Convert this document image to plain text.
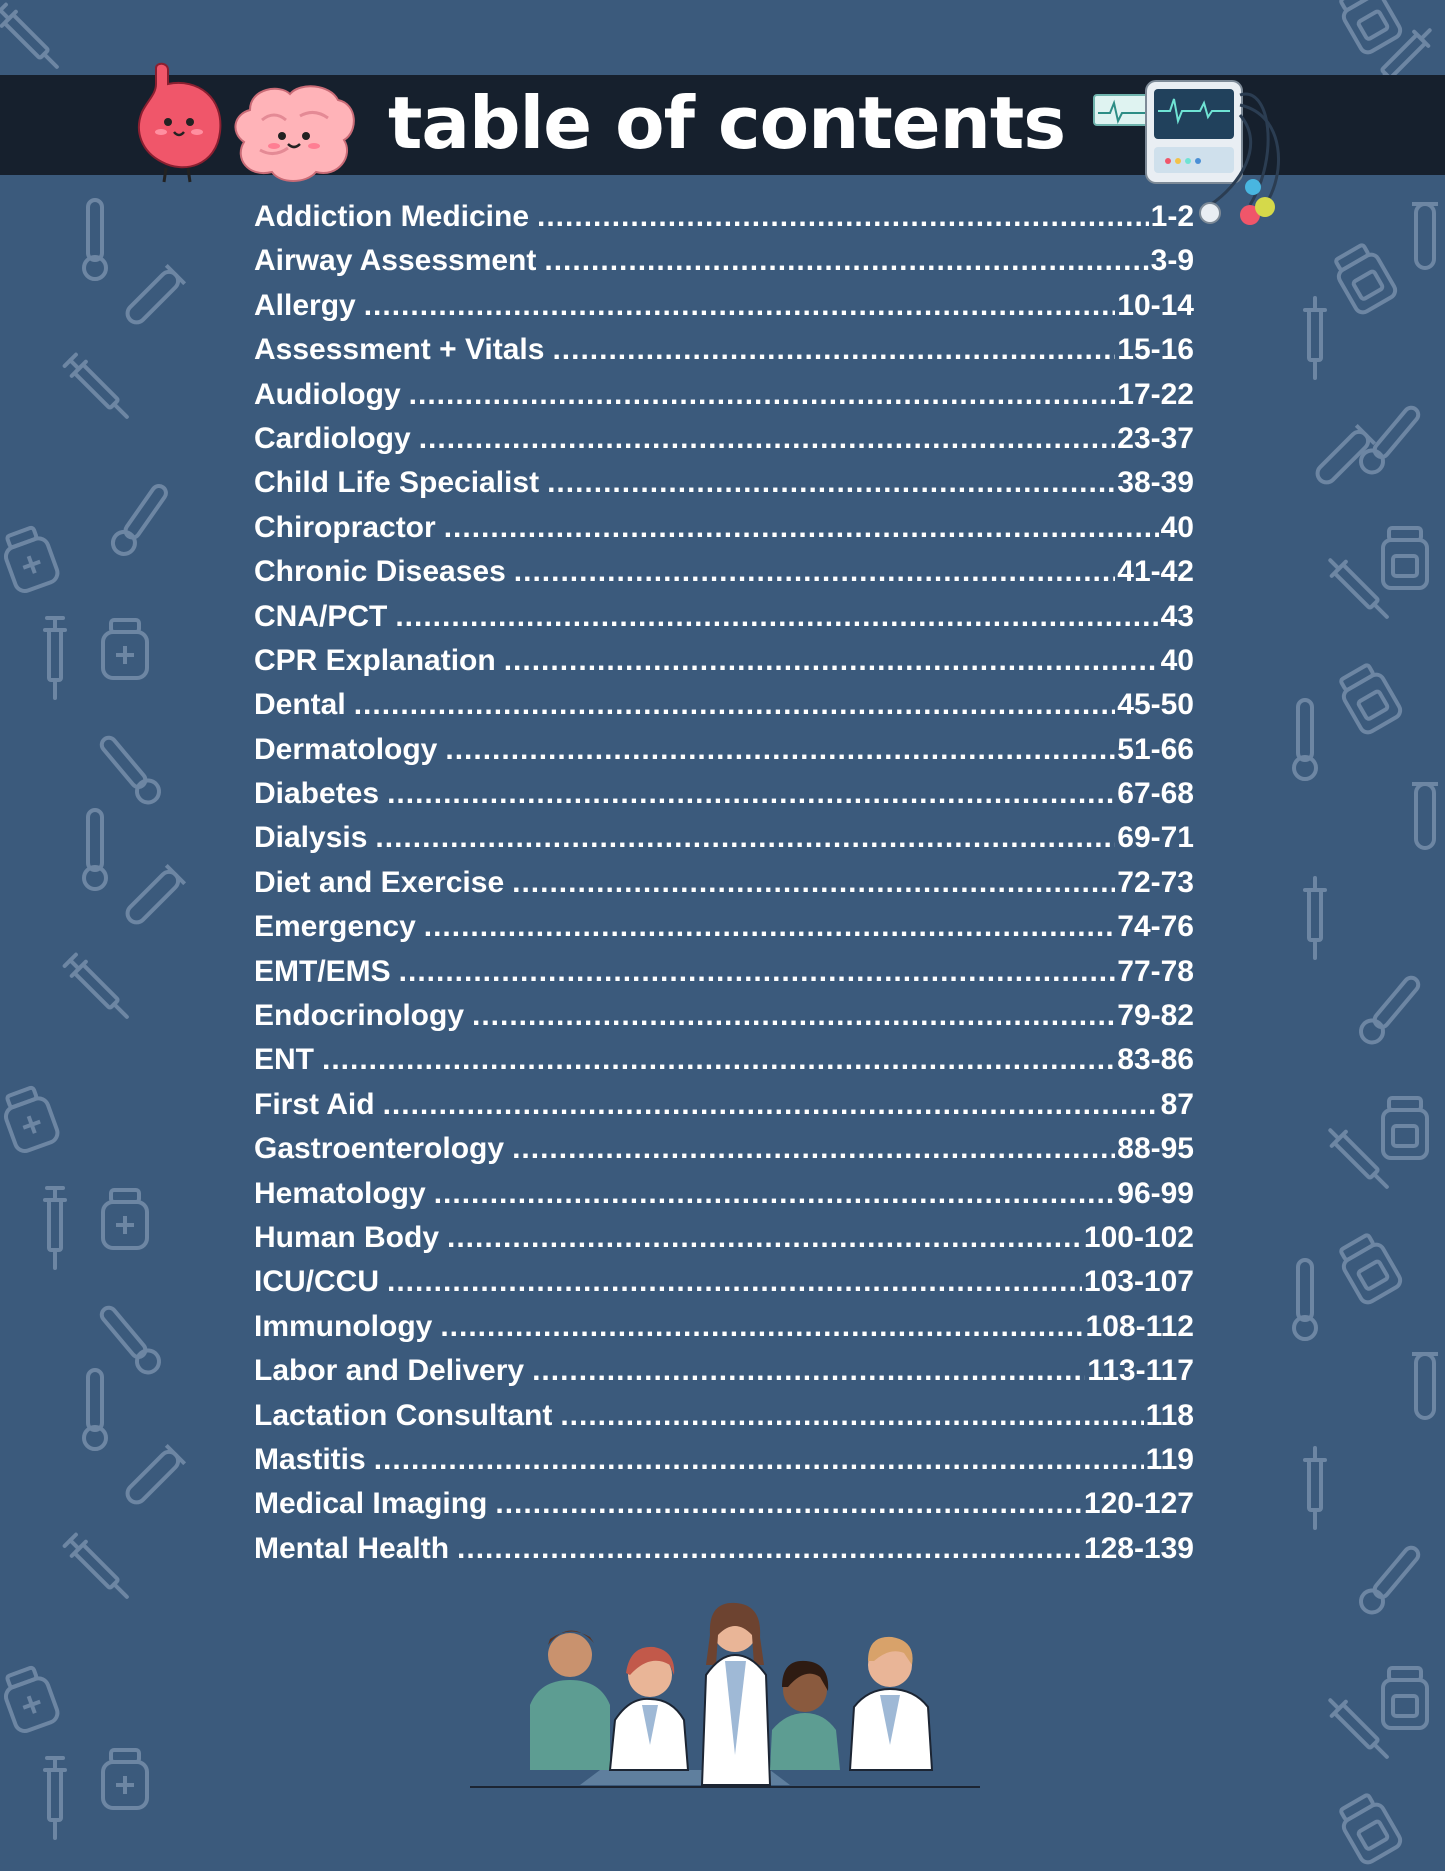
table of contents
Addiction Medicine .....	1-2
Airway Assessment .....	3-9
Allergy .....	10-14
Assessment + Vitals .....	15-16
Audiology .....	17-22
Cardiology .....	23-37
Child Life Specialist .....	38-39
Chiropractor .....	40
Chronic Diseases .....	41-42
CNA/PCT .....	43
CPR Explanation .....	40
Dental .....	45-50
Dermatology .....	51-66
Diabetes .....	67-68
Dialysis .....	69-71
Diet and Exercise .....	72-73
Emergency .....	74-76
EMT/EMS .....	77-78
Endocrinology .....	79-82
ENT .....	83-86
First Aid .....	87
Gastroenterology .....	88-95
Hematology .....	96-99
Human Body .....	100-102
ICU/CCU .....	103-107
Immunology .....	108-112
Labor and Delivery .....	113-117
Lactation Consultant .....	118
Mastitis .....	119
Medical Imaging .....	120-127
Mental Health .....	128-139
